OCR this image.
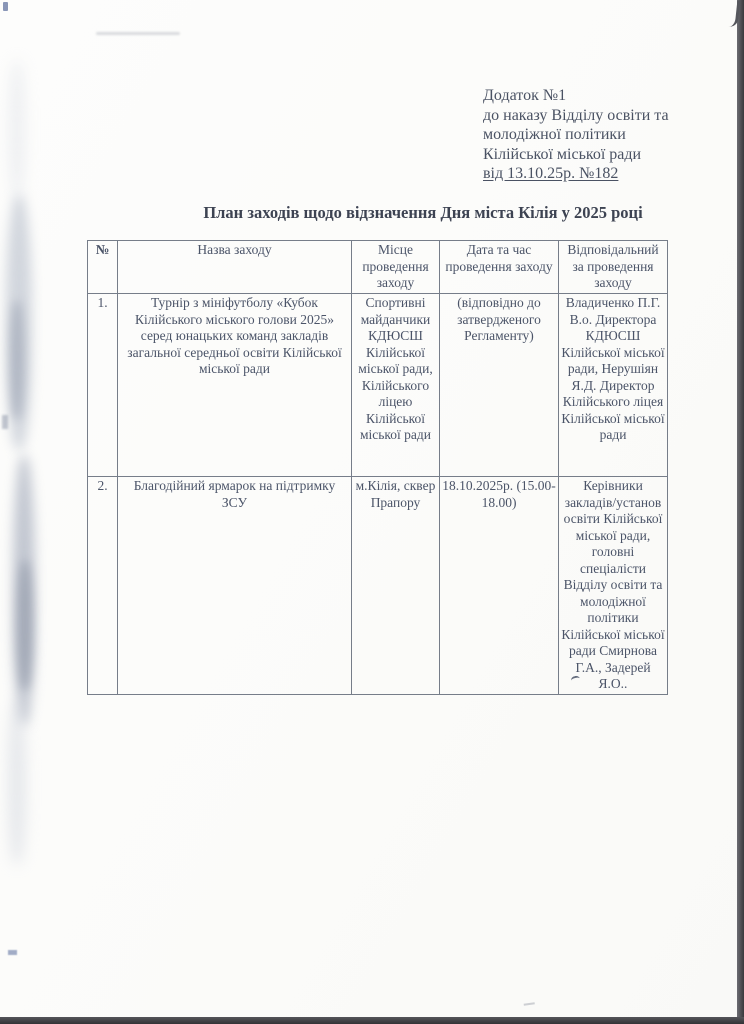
Додаток №1
до наказу Відділу освіти та
молодіжної політики
Кілійської міської ради
від 13.10.25р. №182
План заходів щодо відзначення Дня міста Кілія у 2025 році
№	Назва заходу	Місце проведення заходу	Дата та час проведення заходу	Відповідальний за проведення заходу
1.	Турнір з мініфутболу «Кубок Кілійського міського голови 2025» серед юнацьких команд закладів загальної середньої освіти Кілійської міської ради	Спортивні майданчики КДЮСШ Кілійської міської ради, Кілійського ліцею Кілійської міської ради	(відповідно до затвердженого Регламенту)	Владиченко П.Г. В.о. Директора КДЮСШ Кілійської міської ради, Нерушіян Я.Д. Директор Кілійського ліцея Кілійської міської ради
2.	Благодійний ярмарок на підтримку ЗСУ	м.Кілія, сквер Прапору	18.10.2025р. (15.00-18.00)	Керівники закладів/установ освіти Кілійської міської ради, головні спеціалісти Відділу освіти та молодіжної політики Кілійської міської ради Смирнова Г.А., Задерей Я.О..
